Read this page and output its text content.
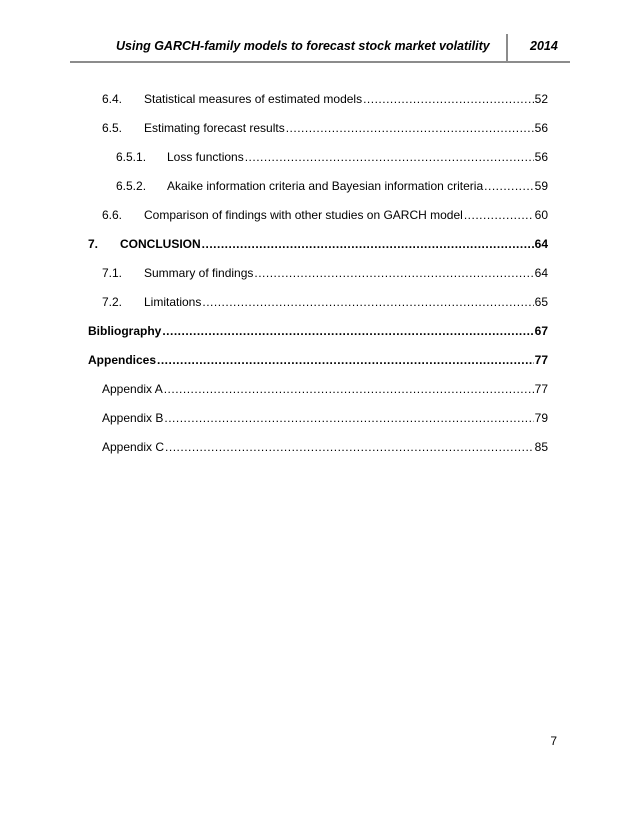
Using GARCH-family models to forecast stock market volatility	2014
6.4.	Statistical measures of estimated models .....	52
6.5.	Estimating forecast results .....	56
6.5.1.	Loss functions .....	56
6.5.2.	Akaike information criteria and Bayesian information criteria .....	59
6.6.	Comparison of findings with other studies on GARCH model .....	60
7.	CONCLUSION .....	64
7.1.	Summary of findings .....	64
7.2.	Limitations .....	65
Bibliography .....	67
Appendices .....	77
Appendix A .....	77
Appendix B .....	79
Appendix C .....	85
7
